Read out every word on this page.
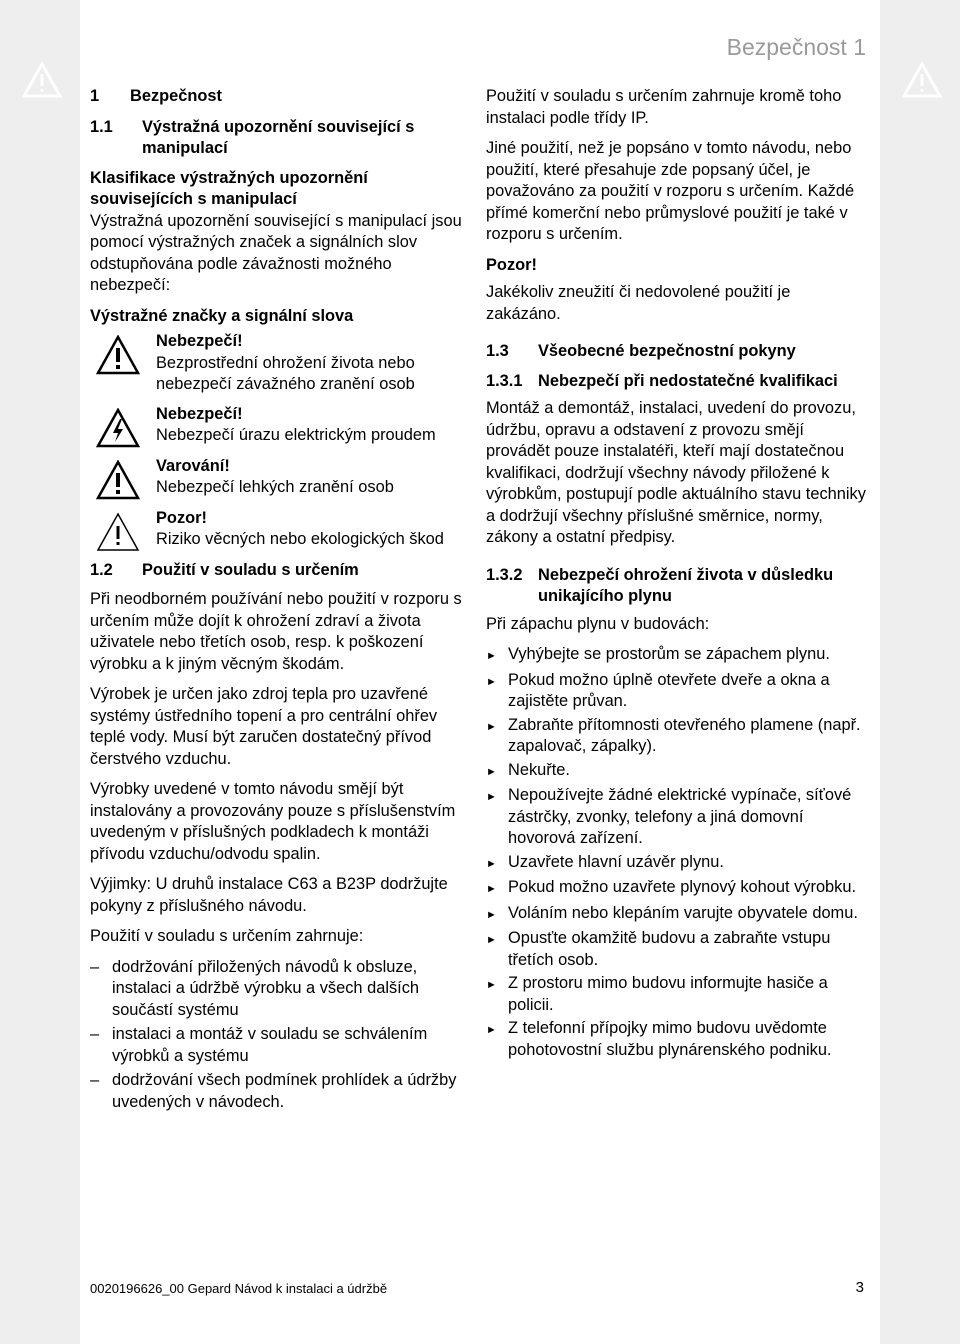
Bezpečnost 1
1	Bezpečnost
1.1	Výstražná upozornění související s manipulací
Klasifikace výstražných upozornění souvisejících s manipulací

Výstražná upozornění související s manipulací jsou pomocí výstražných značek a signálních slov odstupňována podle závažnosti možného nebezpečí:

Výstražné značky a signální slova
Nebezpečí!
Bezprostřední ohrožení života nebo nebezpečí závažného zranění osob
Nebezpečí!
Nebezpečí úrazu elektrickým proudem
Varování!
Nebezpečí lehkých zranění osob
Pozor!
Riziko věcných nebo ekologických škod
1.2	Použití v souladu s určením

Při neodborném používání nebo použití v rozporu s určením může dojít k ohrožení zdraví a života uživatele nebo třetích osob, resp. k poškození výrobku a k jiným věcným škodám.

Výrobek je určen jako zdroj tepla pro uzavřené systémy ústředního topení a pro centrální ohřev teplé vody. Musí být zaručen dostatečný přívod čerstvého vzduchu.

Výrobky uvedené v tomto návodu smějí být instalovány a provozovány pouze s příslušenstvím uvedeným v příslušných podkladech k montáži přívodu vzduchu/odvodu spalin.

Výjimky: U druhů instalace C63 a B23P dodržujte pokyny z příslušného návodu.

Použití v souladu s určením zahrnuje:

– dodržování přiložených návodů k obsluze, instalaci a údržbě výrobku a všech dalších součástí systému
– instalaci a montáž v souladu se schválením výrobků a systému
– dodržování všech podmínek prohlídek a údržby uvedených v návodech.

Použití v souladu s určením zahrnuje kromě toho instalaci podle třídy IP.

Jiné použití, než je popsáno v tomto návodu, nebo použití, které přesahuje zde popsaný účel, je považováno za použití v rozporu s určením. Každé přímé komerční nebo průmyslové použití je také v rozporu s určením.

Pozor!

Jakékoliv zneužití či nedovolené použití je zakázáno.

1.3	Všeobecné bezpečnostní pokyny
1.3.1 Nebezpečí při nedostatečné kvalifikaci

Montáž a demontáž, instalaci, uvedení do provozu, údržbu, opravu a odstavení z provozu smějí provádět pouze instalatéři, kteří mají dostatečnou kvalifikaci, dodržují všechny návody přiložené k výrobkům, postupují podle aktuálního stavu techniky a dodržují všechny příslušné směrnice, normy, zákony a ostatní předpisy.

1.3.2 Nebezpečí ohrožení života v důsledku unikajícího plynu

Při zápachu plynu v budovách:

► Vyhýbejte se prostorům se zápachem plynu.
► Pokud možno úplně otevřete dveře a okna a zajistěte průvan.
► Zabraňte přítomnosti otevřeného plamene (např. zapalovač, zápalky).
► Nekuřte.
► Nepoužívejte žádné elektrické vypínače, síťové zástrčky, zvonky, telefony a jiná domovní hovorová zařízení.
► Uzavřete hlavní uzávěr plynu.
► Pokud možno uzavřete plynový kohout výrobku.
► Voláním nebo klepáním varujte obyvatele domu.
► Opusťte okamžitě budovu a zabraňte vstupu třetích osob.
► Z prostoru mimo budovu informujte hasiče a policii.
► Z telefonní přípojky mimo budovu uvědomte pohotovostní službu plynárenského podniku.
0020196626_00 Gepard Návod k instalaci a údržbě	3
